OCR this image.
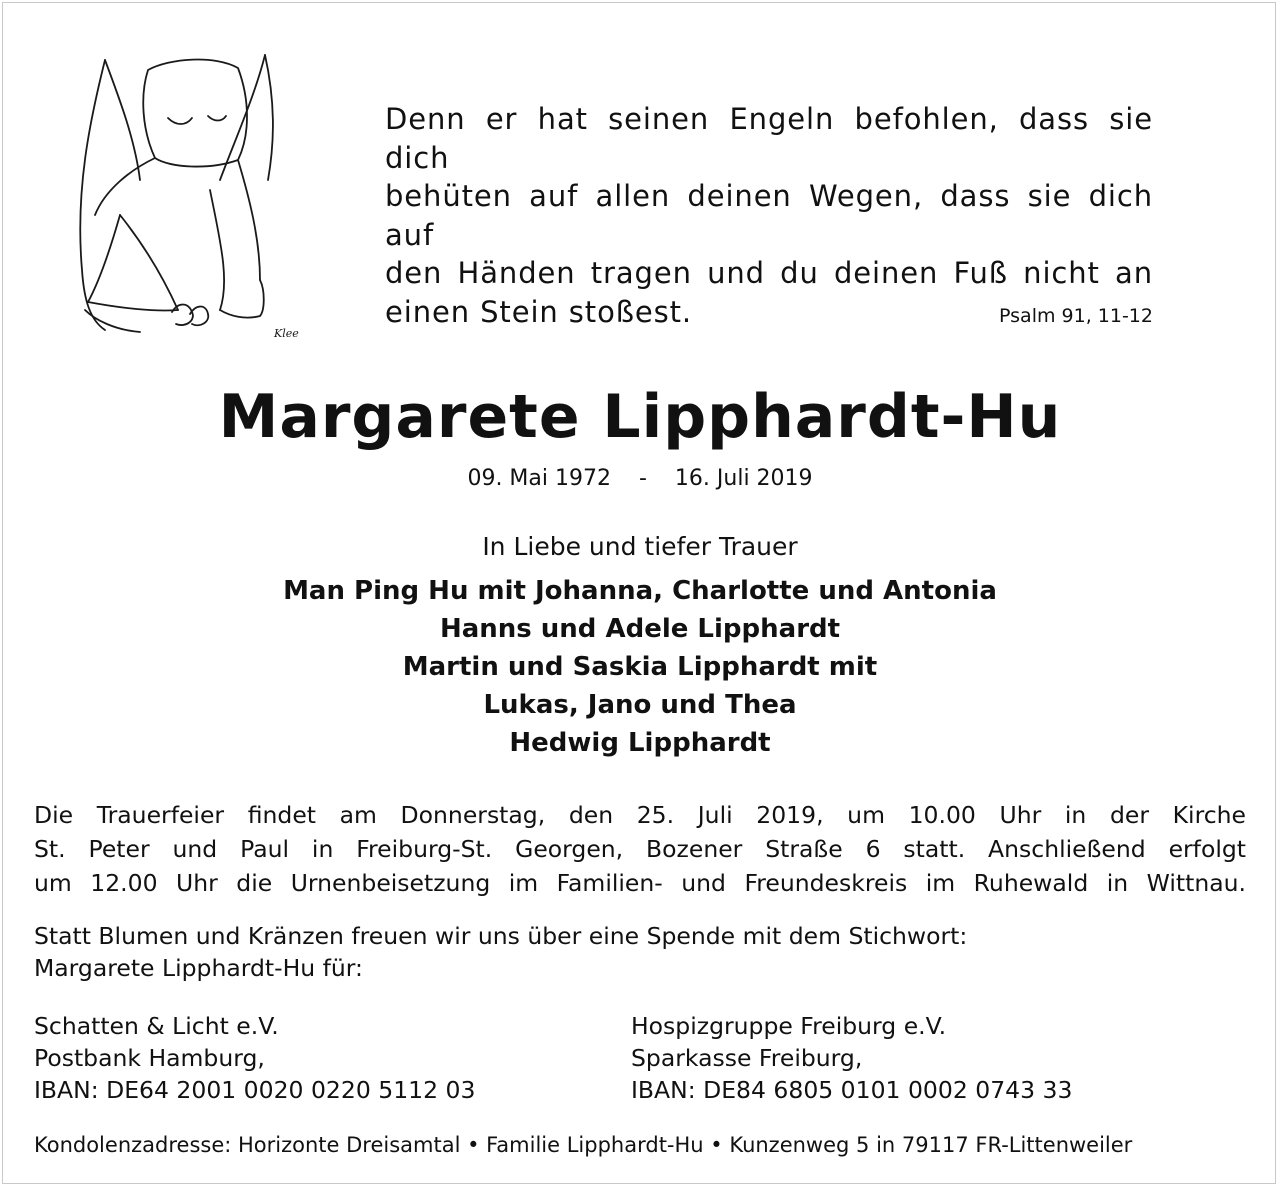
Klee
Denn er hat seinen Engeln befohlen, dass sie dich
behüten auf allen deinen Wegen, dass sie dich auf
den Händen tragen und du deinen Fuß nicht an
einen Stein stoßest.	Psalm 91, 11-12
Margarete Lipphardt-Hu
09. Mai 1972 - 16. Juli 2019
In Liebe und tiefer Trauer
Man Ping Hu mit Johanna, Charlotte und Antonia
Hanns und Adele Lipphardt
Martin und Saskia Lipphardt mit
Lukas, Jano und Thea
Hedwig Lipphardt
Die Trauerfeier findet am Donnerstag, den 25. Juli 2019, um 10.00 Uhr in der Kirche
St. Peter und Paul in Freiburg-St. Georgen, Bozener Straße 6 statt. Anschließend erfolgt
um 12.00 Uhr die Urnenbeisetzung im Familien- und Freundeskreis im Ruhewald in Wittnau.
Statt Blumen und Kränzen freuen wir uns über eine Spende mit dem Stichwort:
Margarete Lipphardt-Hu für:
Schatten & Licht e.V.
Postbank Hamburg,
IBAN: DE64 2001 0020 0220 5112 03
Hospizgruppe Freiburg e.V.
Sparkasse Freiburg,
IBAN: DE84 6805 0101 0002 0743 33
Kondolenzadresse: Horizonte Dreisamtal • Familie Lipphardt-Hu • Kunzenweg 5 in 79117 FR-Littenweiler
